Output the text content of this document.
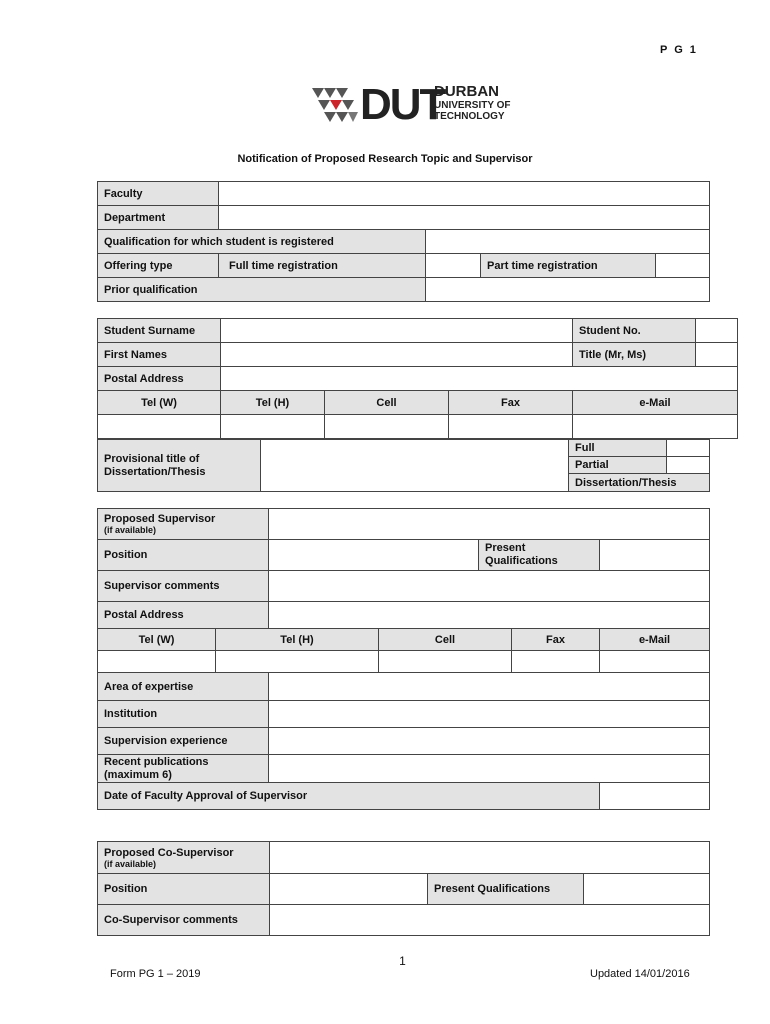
P G 1
DUT
DURBAN
UNIVERSITY OF
TECHNOLOGY
Notification of Proposed Research Topic and Supervisor
Faculty				
Department				
Qualification for which student is registered				
Offering type	Full time registration		Part time registration	
Prior qualification				
Student Surname				Student No.	
First Names				Title (Mr, Ms)	
Postal Address					
Tel (W)	Tel (H)	Cell	Fax	e-Mail	

Provisional title of Dissertation/Thesis		Full	
		Partial	
		Dissertation/Thesis	
Proposed Supervisor
(if available)						

Position				Present Qualifications		
Supervisor comments						
Postal Address						
Tel (W)	Tel (H)		Cell		Fax	e-Mail

Area of expertise						
Institution						
Supervision experience						
Recent publications (maximum 6)						
Date of Faculty Approval of Supervisor						
Proposed Co-Supervisor
(if available)			

Position		Present Qualifications	
Co-Supervisor comments			
1
Form PG 1 – 2019	Updated 14/01/2016
